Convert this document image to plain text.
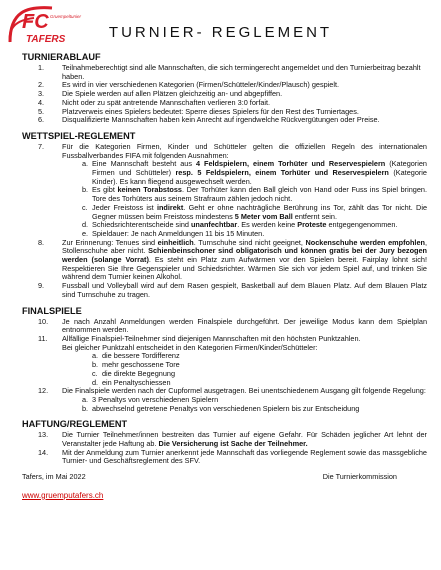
FC Gruempeltunier
TAFERS	TURNIER- REGLEMENT
TURNIERABLAUF
1. Teilnahmeberechtigt sind alle Mannschaften, die sich termingerecht angemeldet und den Turnierbeitrag bezahlt haben.
2. Es wird in vier verschiedenen Kategorien (Firmen/Schütteler/Kinder/Plausch) gespielt.
3. Die Spiele werden auf allen Plätzen gleichzeitig an- und abgepfiffen.
4. Nicht oder zu spät antretende Mannschaften verlieren 3:0 forfait.
5. Platzverweis eines Spielers bedeutet: Sperre dieses Spielers für den Rest des Turniertages.
6. Disqualifizierte Mannschaften haben kein Anrecht auf irgendwelche Rückvergütungen oder Preise.
WETTSPIEL-REGLEMENT
7. Für die Kategorien Firmen, Kinder und Schütteler gelten die offiziellen Regeln des internationalen Fussballverbandes FIFA mit folgenden Ausnahmen:
a. Eine Mannschaft besteht aus 4 Feldspielern, einem Torhüter und Reservespielern (Kategorien Firmen und Schütteler) resp. 5 Feldspielern, einem Torhüter und Reservespielern (Kategorie Kinder). Es kann fliegend ausgewechselt werden.
b. Es gibt keinen Torabstoss. Der Torhüter kann den Ball gleich von Hand oder Fuss ins Spiel bringen. Tore des Torhüters aus seinem Strafraum zählen jedoch nicht.
c. Jeder Freistoss ist indirekt. Geht er ohne nachträgliche Berührung ins Tor, zählt das Tor nicht. Die Gegner müssen beim Freistoss mindestens 5 Meter vom Ball entfernt sein.
d. Schiedsrichterentscheide sind unanfechtbar. Es werden keine Proteste entgegengenommen.
e. Spieldauer: Je nach Anmeldungen 11 bis 15 Minuten.
8. Zur Erinnerung: Tenues sind einheitlich. Turnschuhe sind nicht geeignet, Nockenschuhe werden empfohlen, Stollenschuhe aber nicht. Schienbeinschoner sind obligatorisch und können gratis bei der Jury bezogen werden (solange Vorrat). Es steht ein Platz zum Aufwärmen vor den Spielen bereit. Fairplay lohnt sich! Respektieren Sie Ihre Gegenspieler und Schiedsrichter. Wärmen Sie sich vor jedem Spiel auf, und trinken Sie während dem Turnier keinen Alkohol.
9. Fussball und Volleyball wird auf dem Rasen gespielt, Basketball auf dem Blauen Platz. Auf dem Blauen Platz sind Turnschuhe zu tragen.
FINALSPIELE
10. Je nach Anzahl Anmeldungen werden Finalspiele durchgeführt. Der jeweilige Modus kann dem Spielplan entnommen werden.
11. Allfällige Finalspiel-Teilnehmer sind diejenigen Mannschaften mit den höchsten Punktzahlen.
Bei gleicher Punktzahl entscheidet in den Kategorien Firmen/Kinder/Schütteler:
a. die bessere Tordifferenz
b. mehr geschossene Tore
c. die direkte Begegnung
d. ein Penaltyschiessen
12. Die Finalspiele werden nach der Cupformel ausgetragen. Bei unentschiedenem Ausgang gilt folgende Regelung:
a. 3 Penaltys von verschiedenen Spielern
b. abwechselnd getretene Penaltys von verschiedenen Spielern bis zur Entscheidung
HAFTUNG/REGLEMENT
13. Die Turnier Teilnehmer/innen bestreiten das Turnier auf eigene Gefahr. Für Schäden jeglicher Art lehnt der Veranstalter jede Haftung ab. Die Versicherung ist Sache der Teilnehmer.
14. Mit der Anmeldung zum Turnier anerkennt jede Mannschaft das vorliegende Reglement sowie das massgebliche Turnier- und Geschäftsreglement des SFV.
Tafers, im Mai 2022	Die Turnierkommission
www.gruemputafers.ch
